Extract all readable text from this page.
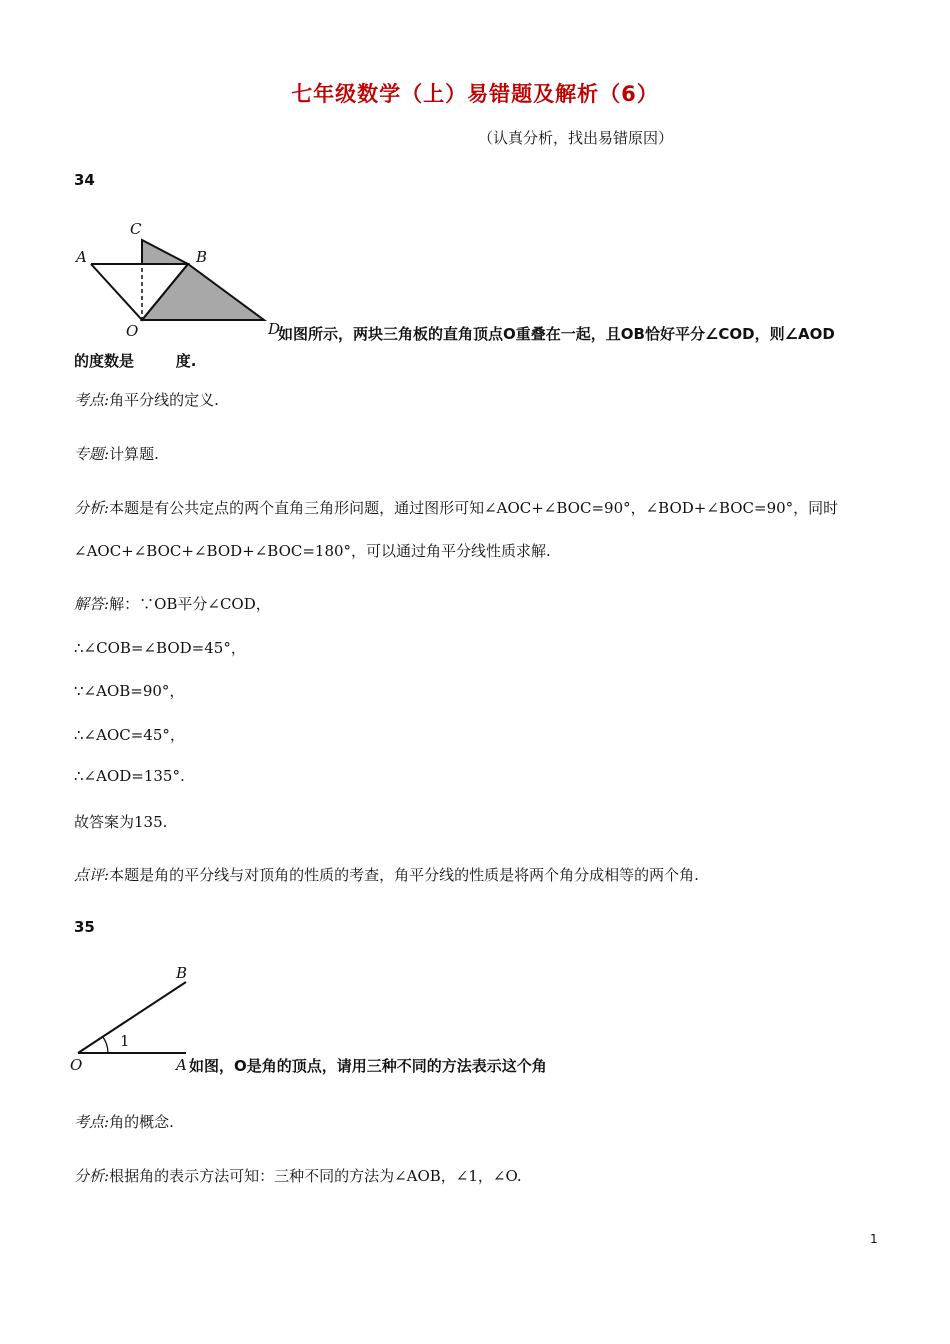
七年级数学（上）易错题及解析（6）
（认真分析，找出易错原因）
34
A
C
B
O	D
如图所示，两块三角板的直角顶点O重叠在一起，且OB恰好平分∠COD，则∠AOD
的度数是        度.
考点:角平分线的定义.
专题:计算题.
分析:本题是有公共定点的两个直角三角形问题，通过图形可知∠AOC+∠BOC=90°，∠BOD+∠BOC=90°，同时
∠AOC+∠BOC+∠BOD+∠BOC=180°，可以通过角平分线性质求解.
解答:解：∵OB平分∠COD，
∴∠COB=∠BOD=45°，
∵∠AOB=90°，
∴∠AOC=45°，
∴∠AOD=135°.
故答案为135.
点评:本题是角的平分线与对顶角的性质的考查，角平分线的性质是将两个角分成相等的两个角.
35
1
B
O	A 如图，O是角的顶点，请用三种不同的方法表示这个角
考点:角的概念.
分析:根据角的表示方法可知：三种不同的方法为∠AOB，∠1，∠O.
1
